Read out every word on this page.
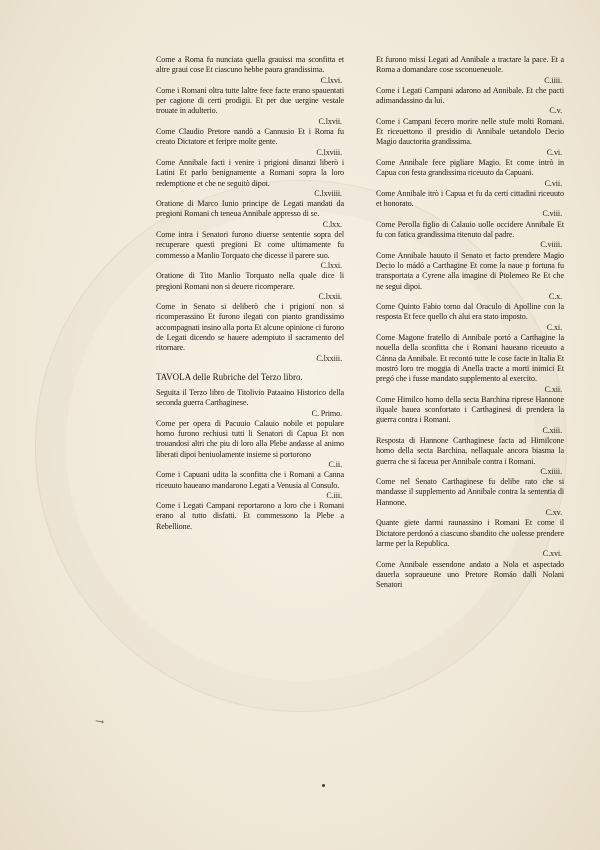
Come a Roma fu nunciata quella grauissi ma sconfitta et altre graui cose Et ciascuno hebbe paura grandissima.
C.lxvi.
Come i Romani oltra tutte laltre fece facte erano spauentati per cagione di certi prodigii. Et per due uergine vestale trouate in adulterio.
C.lxvii.
Come Claudio Pretore nandò a Cannusio Et i Roma fu creato Dictatore et feripre molte gente.
C.lxviii.
Come Annibale facti i venire i prigioni dinanzi liberò i Latini Et parlo benignamente a Romani sopra la loro redemptione et che ne seguitò dipoi.
C.lxviiii.
Oratione di Marco Iunio principe de Legati mandati da pregioni Romani ch teneua Annibale appresso di se.
C.lxx.
Come intra i Senatori furono diuerse sententie sopra del recuperare questi pregioni Et come ultimamente fu commesso a Manlio Torquato che dicesse il parere suo.
C.lxxi.
Oratione di Tito Manlio Torquato nella quale dice li pregioni Romani non si deuere ricomperare.
C.lxxii.
Come in Senato si deliberò che i prigioni non si ricomperassino Et furono ilegati con pianto grandissimo accompagnati insino alla porta Et alcune opinione ci furono de Legati dicendo se hauere adempiuto il sacramento del ritornare.
C.lxxiii.
TAVOLA delle Rubriche del Terzo libro.
Seguita il Terzo libro de Titolivio Pataaino Historico della seconda guerra Carthaginese.
C. Primo.
Come per opera di Pacuuio Calauio nobile et populare homo furono rechiusi tutti li Senatori di Capua Et non trouandosi altri che piu di loro alla Plebe andasse al animo liberati dipoi beniuolamente insieme si portorono
C.ii.
Come i Capuani udita la sconfitta che i Romani a Canna riceuuto haueano mandarono Legati a Venusia al Consulo.
C.iii.
Come i Legati Campani reportarono a loro che i Romani erano al tutto disfatti. Et commessono la Plebe a Rebellione.
Et furono missi Legati ad Annibale a tractare la pace. Et a Roma a domandare cose ssconueneuole.
C.iiii.
Come i Legati Campani adarono ad Annibale. Et che pacti adimandassino da lui.
C.v.
Come i Campani fecero morire nelle stufe molti Romani. Et riceuettono il presidio di Annibale uetandolo Decio Magio dauctorita grandissima.
C.vi.
Come Annibale fece pigliare Magio. Et come intrò in Capua con festa grandissima riceuuto da Capuani.
C.vii.
Come Annibale itrò i Capua et fu da certi cittadini riceuuto et honorato.
C.viii.
Come Perolla figlio di Calauio uolle occidere Annibale Et fu con fatica grandissima ritenuto dal padre.
C.viiii.
Come Annibale hauuto il Senato et facto prendere Magio Decio lo mádó a Carthagine Et come la naue p fortuna fu transportata a Cyrene alla imagine di Ptolemeo Re Et che ne segui dipoi.
C.x.
Come Quinto Fabio torno dal Oraculo di Apolline con la resposta Et fece quello ch alui era stato imposto.
C.xi.
Come Magone fratello di Annibale portó a Carthagine la nouella della sconfitta che i Romani haueano riceuuto a Cánna da Annibale. Et recontó tutte le cose facte in Italia Et mostró loro tre moggia di Anella tracte a morti inimici Et pregó che i fusse mandato supplemento al exercito.
C.xii.
Come Himilco homo della secta Barchina riprese Hannone ilquale hauea sconfortato i Carthaginesi di prendera la guerra contra i Romani.
C.xiii.
Resposta di Hannone Carthaginese facta ad Himilcone homo della secta Barchina, nellaquale ancora biasma la guerra che si faceua per Annibale contra i Romani.
C.xiiii.
Come nel Senato Carthaginese fu delibe rato che si mandasse il supplemento ad Annibale contra la sententia di Hannone.
C.xv.
Quante giete darmi raunassino i Romani Et come il Dictatore perdonó a ciascuno sbandito che uolesse prendere larme per la Republica.
C.xvi.
Come Annibale essendone andato a Nola et aspectado dauerla sopraueune uno Pretore Romáo dalli Nolani Senatori
↘
